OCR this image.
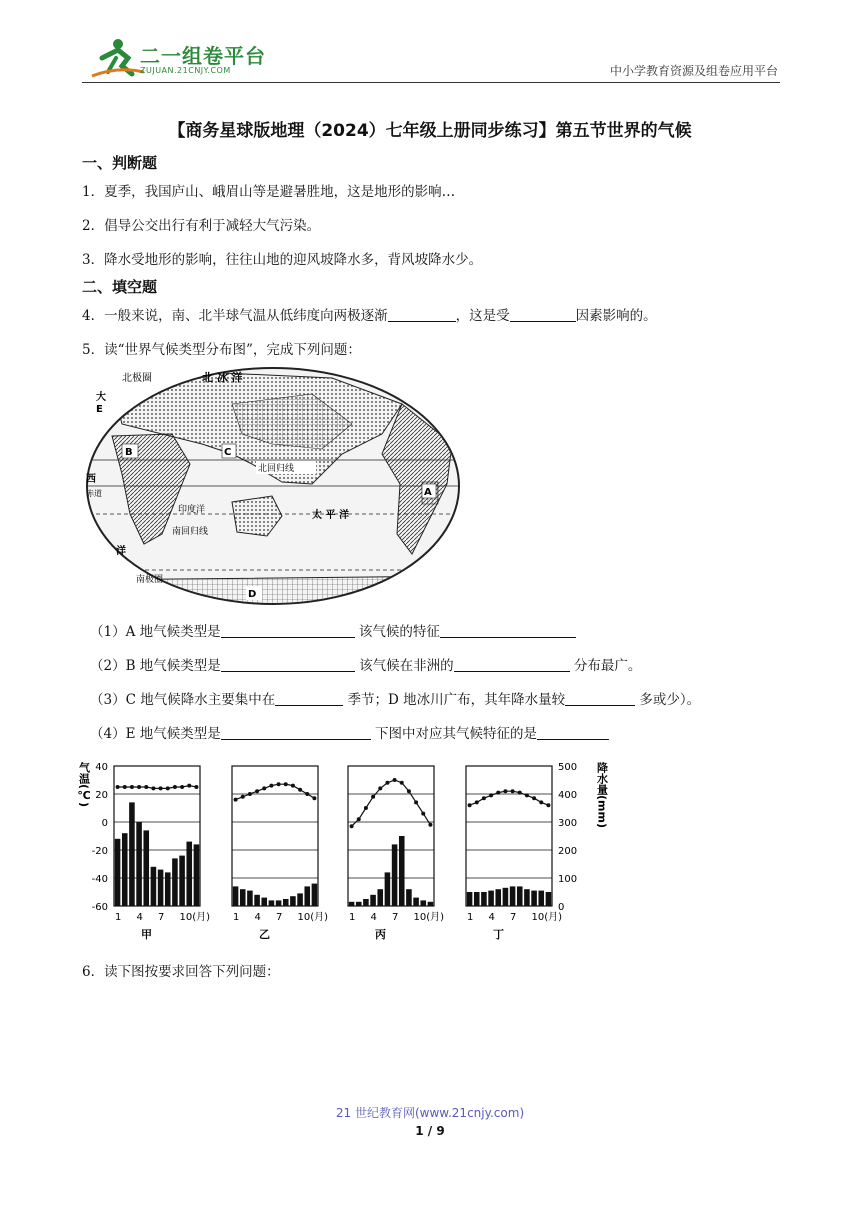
二一组卷平台
ZUJUAN.21CNJY.COM	中小学教育资源及组卷应用平台
【商务星球版地理（2024）七年级上册同步练习】第五节世界的气候
一、判断题
1．夏季，我国庐山、峨眉山等是避暑胜地，这是地形的影响…
2．倡导公交出行有利于减轻大气污染。
3．降水受地形的影响，往往山地的迎风坡降水多，背风坡降水少。
二、填空题
4．一般来说，南、北半球气温从低纬度向两极逐渐	，这是受	因素影响的。
5．读“世界气候类型分布图”，完成下列问题：
北极圈	北 冰 洋
E
大
B	C
A
D
北回归线
西
赤道
印度洋
南回归线
太 平 洋
洋
南极圈
（1）A 地气候类型是	该气候的特征
（2）B 地气候类型是	该气候在非洲的	分布最广。
（3）C 地气候降水主要集中在	季节；D 地冰川广布，其年降水量较	多或少）。
（4）E 地气候类型是	下图中对应其气候特征的是
气温(℃) 40
20
0
-20
-40
-60
500
400
300
200
100
0
降水量(mm)
1 4 7 10(月)
甲
1 4 7 10(月)
乙
1 4 7 10(月)
丙
1 4 7 10(月)
丁
6．读下图按要求回答下列问题：
21 世纪教育网(www.21cnjy.com)
1 / 9
